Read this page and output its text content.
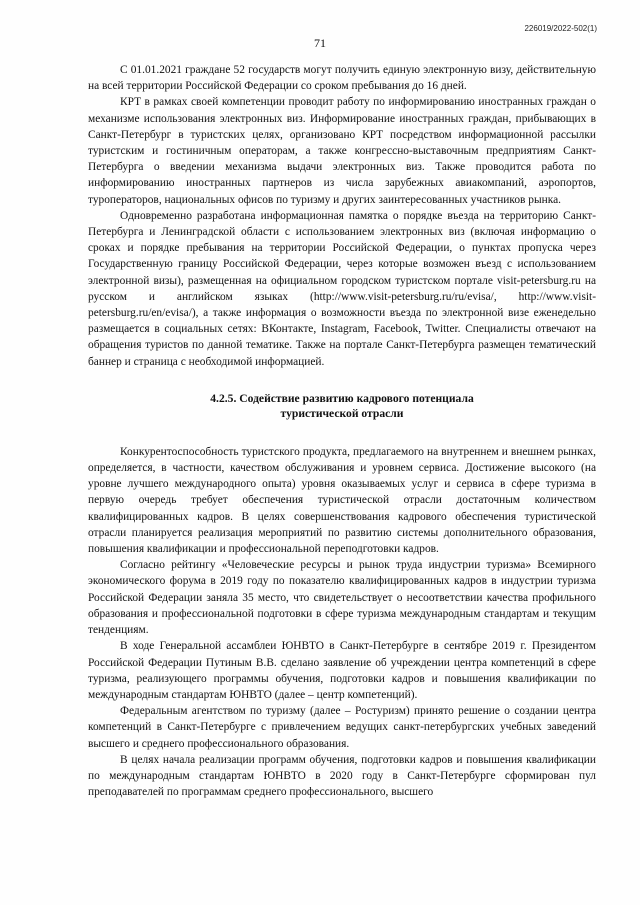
226019/2022-502(1)
71

С 01.01.2021 граждане 52 государств могут получить единую электронную визу, действительную на всей территории Российской Федерации со сроком пребывания до 16 дней.

КРТ в рамках своей компетенции проводит работу по информированию иностранных граждан о механизме использования электронных виз. Информирование иностранных граждан, прибывающих в Санкт-Петербург в туристских целях, организовано КРТ посредством информационной рассылки туристским и гостиничным операторам, а также конгрессно-выставочным предприятиям Санкт-Петербурга о введении механизма выдачи электронных виз. Также проводится работа по информированию иностранных партнеров из числа зарубежных авиакомпаний, аэропортов, туроператоров, национальных офисов по туризму и других заинтересованных участников рынка.

Одновременно разработана информационная памятка о порядке въезда на территорию Санкт-Петербурга и Ленинградской области с использованием электронных виз (включая информацию о сроках и порядке пребывания на территории Российской Федерации, о пунктах пропуска через Государственную границу Российской Федерации, через которые возможен въезд с использованием электронной визы), размещенная на официальном городском туристском портале visit-petersburg.ru на русском и английском языках (http://www.visit-petersburg.ru/ru/evisa/, http://www.visit-petersburg.ru/en/evisa/), а также информация о возможности въезда по электронной визе еженедельно размещается в социальных сетях: ВКонтакте, Instagram, Facebook, Twitter. Специалисты отвечают на обращения туристов по данной тематике. Также на портале Санкт-Петербурга размещен тематический баннер и страница с необходимой информацией.

4.2.5. Содействие развитию кадрового потенциала
туристической отрасли

Конкурентоспособность туристского продукта, предлагаемого на внутреннем и внешнем рынках, определяется, в частности, качеством обслуживания и уровнем сервиса. Достижение высокого (на уровне лучшего международного опыта) уровня оказываемых услуг и сервиса в сфере туризма в первую очередь требует обеспечения туристической отрасли достаточным количеством квалифицированных кадров. В целях совершенствования кадрового обеспечения туристической отрасли планируется реализация мероприятий по развитию системы дополнительного образования, повышения квалификации и профессиональной переподготовки кадров.

Согласно рейтингу «Человеческие ресурсы и рынок труда индустрии туризма» Всемирного экономического форума в 2019 году по показателю квалифицированных кадров в индустрии туризма Российской Федерации заняла 35 место, что свидетельствует о несоответствии качества профильного образования и профессиональной подготовки в сфере туризма международным стандартам и текущим тенденциям.

В ходе Генеральной ассамблеи ЮНВТО в Санкт-Петербурге в сентябре 2019 г. Президентом Российской Федерации Путиным В.В. сделано заявление об учреждении центра компетенций в сфере туризма, реализующего программы обучения, подготовки кадров и повышения квалификации по международным стандартам ЮНВТО (далее – центр компетенций).

Федеральным агентством по туризму (далее – Ростуризм) принято решение о создании центра компетенций в Санкт-Петербурге с привлечением ведущих санкт-петербургских учебных заведений высшего и среднего профессионального образования.

В целях начала реализации программ обучения, подготовки кадров и повышения квалификации по международным стандартам ЮНВТО в 2020 году в Санкт-Петербурге сформирован пул преподавателей по программам среднего профессионального, высшего
